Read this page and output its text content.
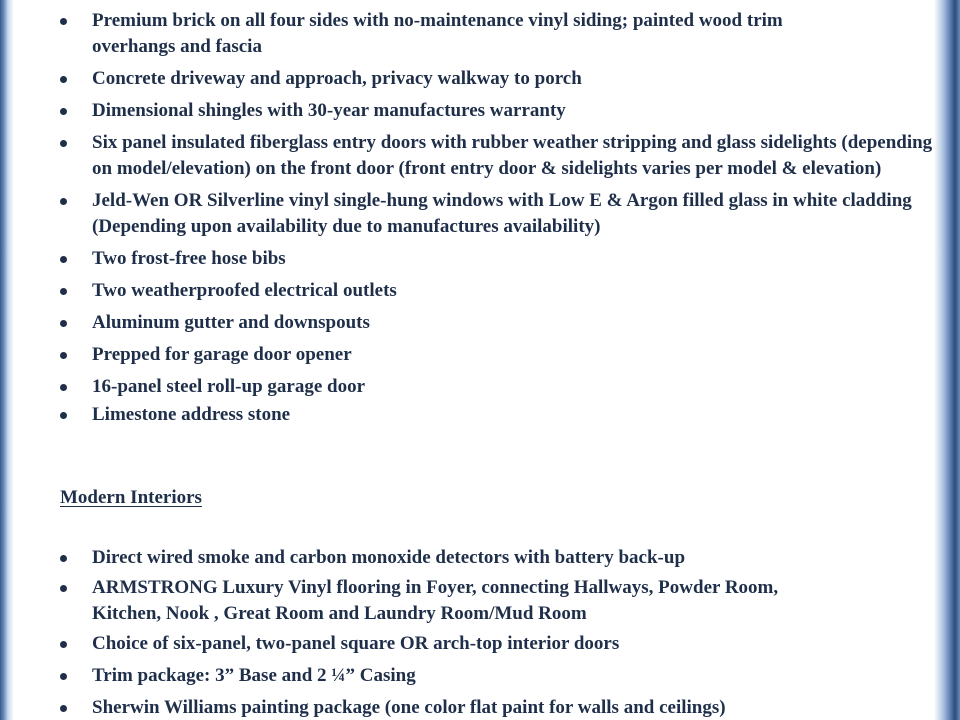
Premium brick on all four sides with no-maintenance vinyl siding; painted wood trim overhangs and fascia
Concrete driveway and approach, privacy walkway to porch
Dimensional shingles with 30-year manufactures warranty
Six panel insulated fiberglass entry doors with rubber weather stripping and glass sidelights (depending on model/elevation) on the front door (front entry door & sidelights varies per model & elevation)
Jeld-Wen OR Silverline vinyl single-hung windows with Low E & Argon filled glass in white cladding (Depending upon availability due to manufactures availability)
Two frost-free hose bibs
Two weatherproofed electrical outlets
Aluminum gutter and downspouts
Prepped for garage door opener
16-panel steel roll-up garage door
Limestone address stone
Modern Interiors
Direct wired smoke and carbon monoxide detectors with battery back-up
ARMSTRONG Luxury Vinyl flooring in Foyer, connecting Hallways, Powder Room, Kitchen, Nook , Great Room and Laundry Room/Mud Room
Choice of six-panel, two-panel square OR arch-top interior doors
Trim package: 3” Base and 2 ¼” Casing
Sherwin Williams painting package (one color flat paint for walls and ceilings)
